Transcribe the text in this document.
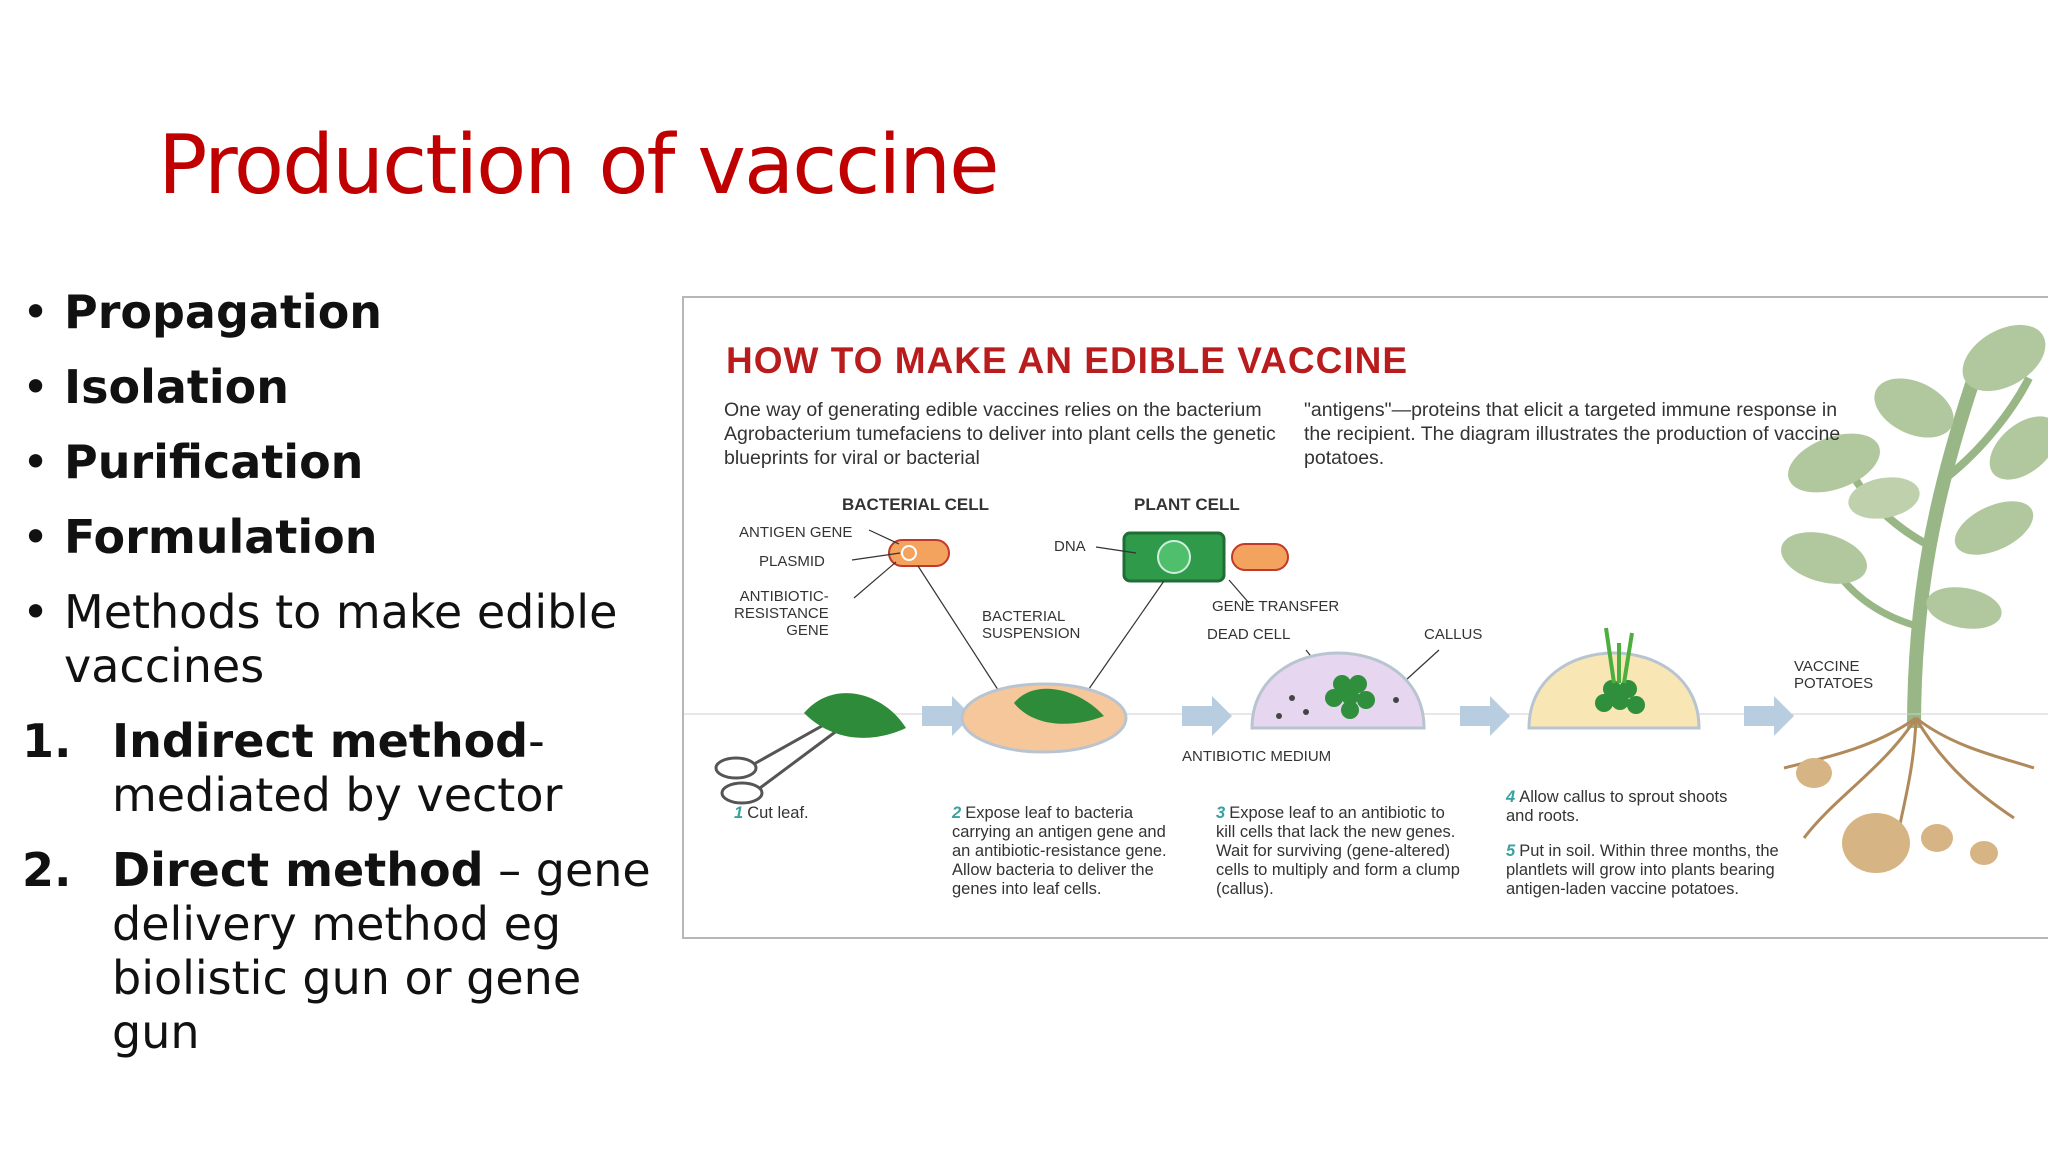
Production of vaccine
• Propagation
• Isolation
• Purification
• Formulation
• Methods to make edible vaccines
1. Indirect method-mediated by vector
2. Direct method – gene delivery method eg biolistic gun or gene gun
HOW TO MAKE AN EDIBLE VACCINE
One way of generating edible vaccines relies on the bacterium Agrobacterium tumefaciens to deliver into plant cells the genetic blueprints for viral or bacterial
"antigens"—proteins that elicit a targeted immune response in the recipient. The diagram illustrates the production of vaccine potatoes.
BACTERIAL CELL	PLANT CELL
ANTIGEN GENE
PLASMID
ANTIBIOTIC-
RESISTANCE
GENE
DNA
BACTERIAL
SUSPENSION
GENE TRANSFER
DEAD CELL	CALLUS
ANTIBIOTIC MEDIUM
VACCINE
POTATOES
1 Cut leaf.	2 Expose leaf to bacteria carrying an antigen gene and an antibiotic-resistance gene. Allow bacteria to deliver the genes into leaf cells.
3 Expose leaf to an antibiotic to kill cells that lack the new genes. Wait for surviving (gene-altered) cells to multiply and form a clump (callus).
4 Allow callus to sprout shoots and roots.
5 Put in soil. Within three months, the plantlets will grow into plants bearing antigen-laden vaccine potatoes.
